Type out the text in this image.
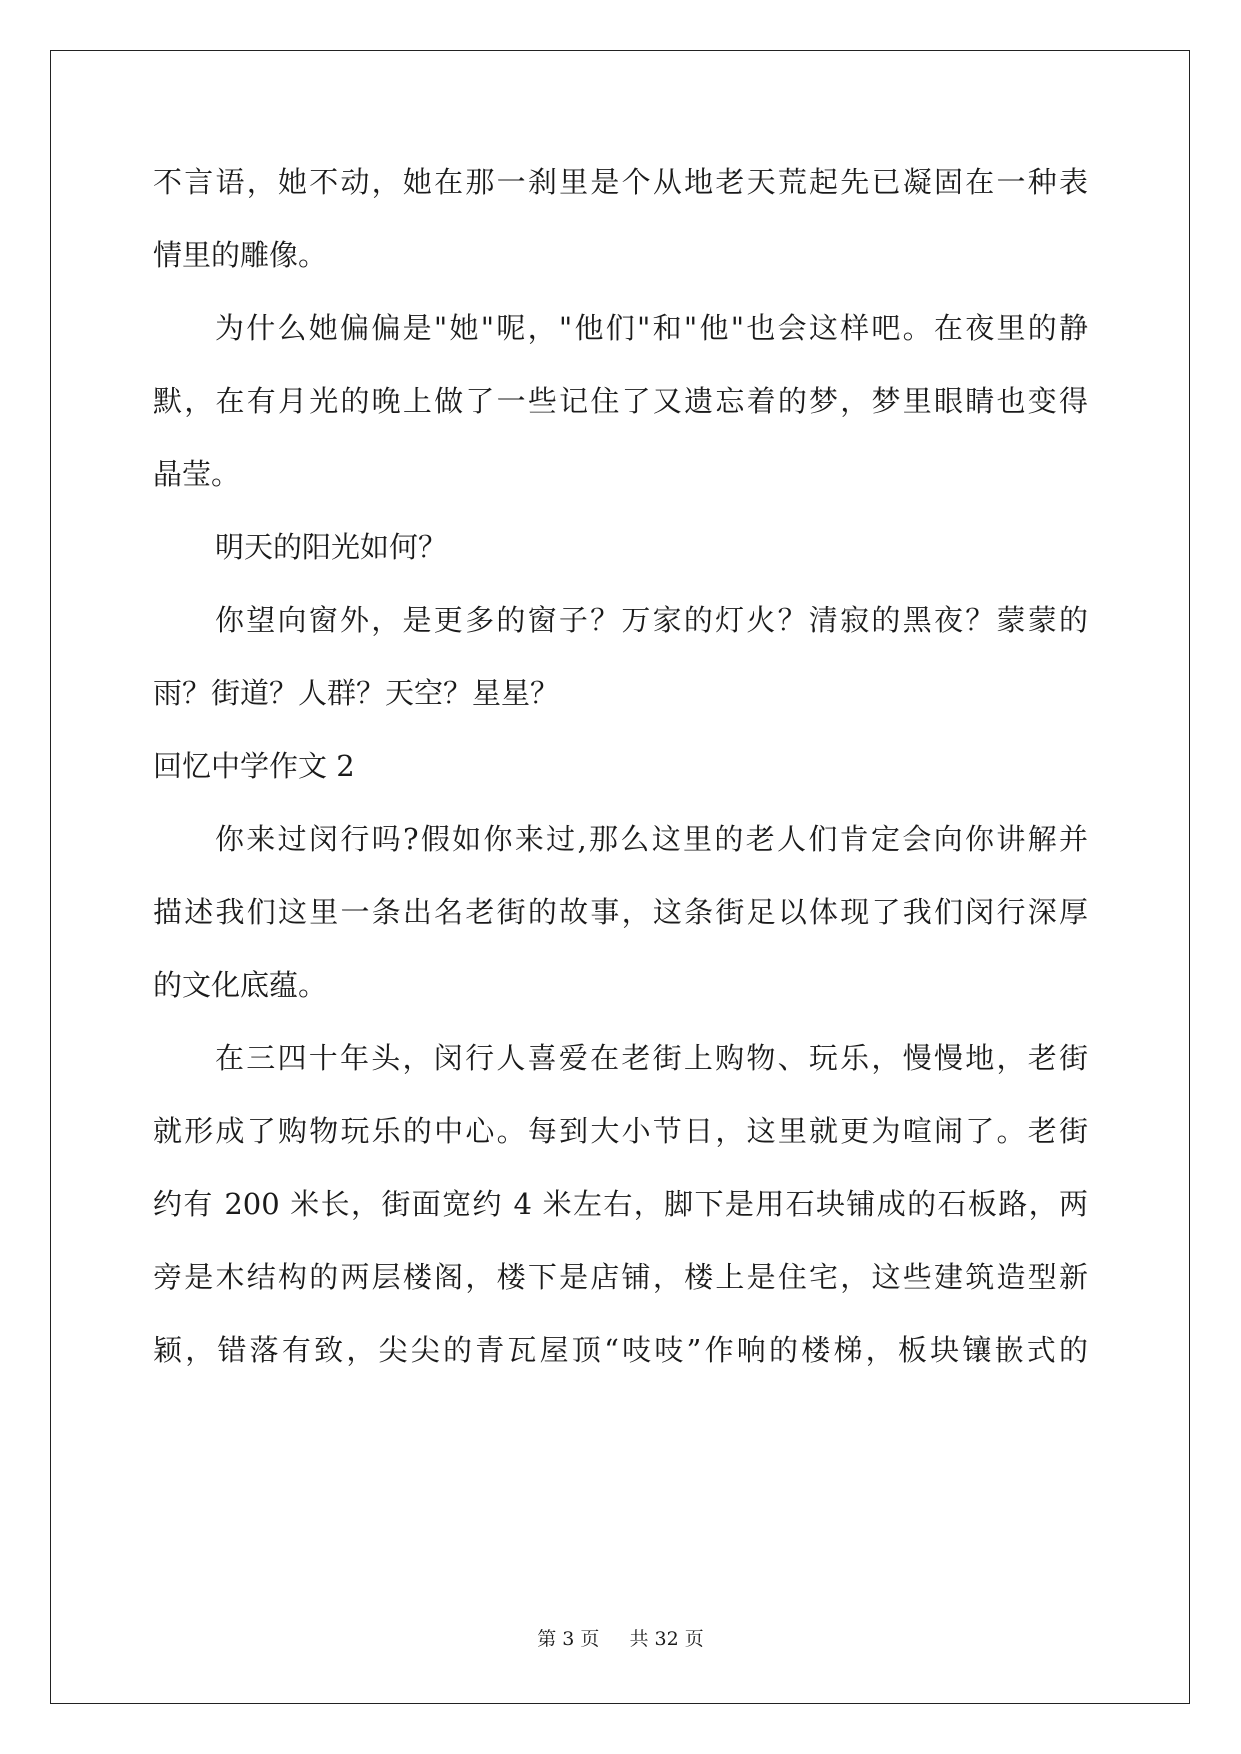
不言语，她不动，她在那一刹里是个从地老天荒起先已凝固在一种表
情里的雕像。
为什么她偏偏是"她"呢，"他们"和"他"也会这样吧。在夜里的静
默，在有月光的晚上做了一些记住了又遗忘着的梦，梦里眼睛也变得
晶莹。
明天的阳光如何？
你望向窗外，是更多的窗子？万家的灯火？清寂的黑夜？蒙蒙的
雨？街道？人群？天空？星星？
回忆中学作文 2
你来过闵行吗?假如你来过,那么这里的老人们肯定会向你讲解并
描述我们这里一条出名老街的故事，这条街足以体现了我们闵行深厚
的文化底蕴。
在三四十年头，闵行人喜爱在老街上购物、玩乐，慢慢地，老街
就形成了购物玩乐的中心。每到大小节日，这里就更为喧闹了。老街
约有 200 米长，街面宽约 4 米左右，脚下是用石块铺成的石板路，两
旁是木结构的两层楼阁，楼下是店铺，楼上是住宅，这些建筑造型新
颖，错落有致，尖尖的青瓦屋顶“吱吱”作响的楼梯，板块镶嵌式的
第 3 页 共 32 页
